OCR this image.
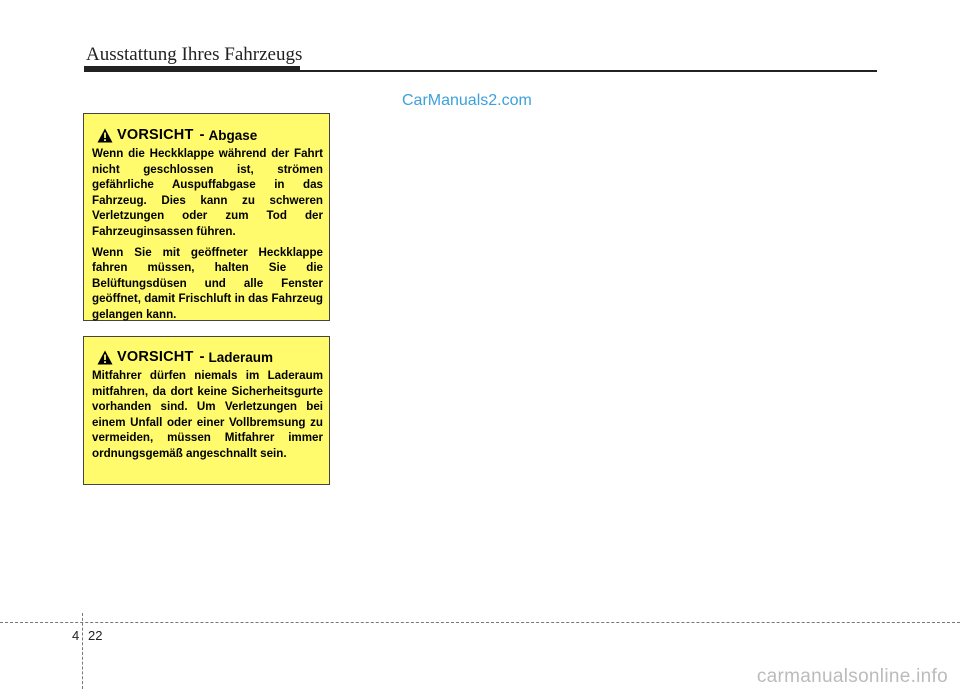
Ausstattung Ihres Fahrzeugs
CarManuals2.com
VORSICHT - Abgase

Wenn die Heckklappe während der Fahrt nicht geschlossen ist, strömen gefährliche Auspuffabgase in das Fahrzeug. Dies kann zu schweren Verletzungen oder zum Tod der Fahrzeuginsassen führen.

Wenn Sie mit geöffneter Heckklappe fahren müssen, halten Sie die Belüftungsdüsen und alle Fenster geöffnet, damit Frischluft in das Fahrzeug gelangen kann.

VORSICHT - Laderaum

Mitfahrer dürfen niemals im Laderaum mitfahren, da dort keine Sicherheitsgurte vorhanden sind. Um Verletzungen bei einem Unfall oder einer Vollbremsung zu vermeiden, müssen Mitfahrer immer ordnungsgemäß angeschnallt sein.

4 22
carmanualsonline.info
